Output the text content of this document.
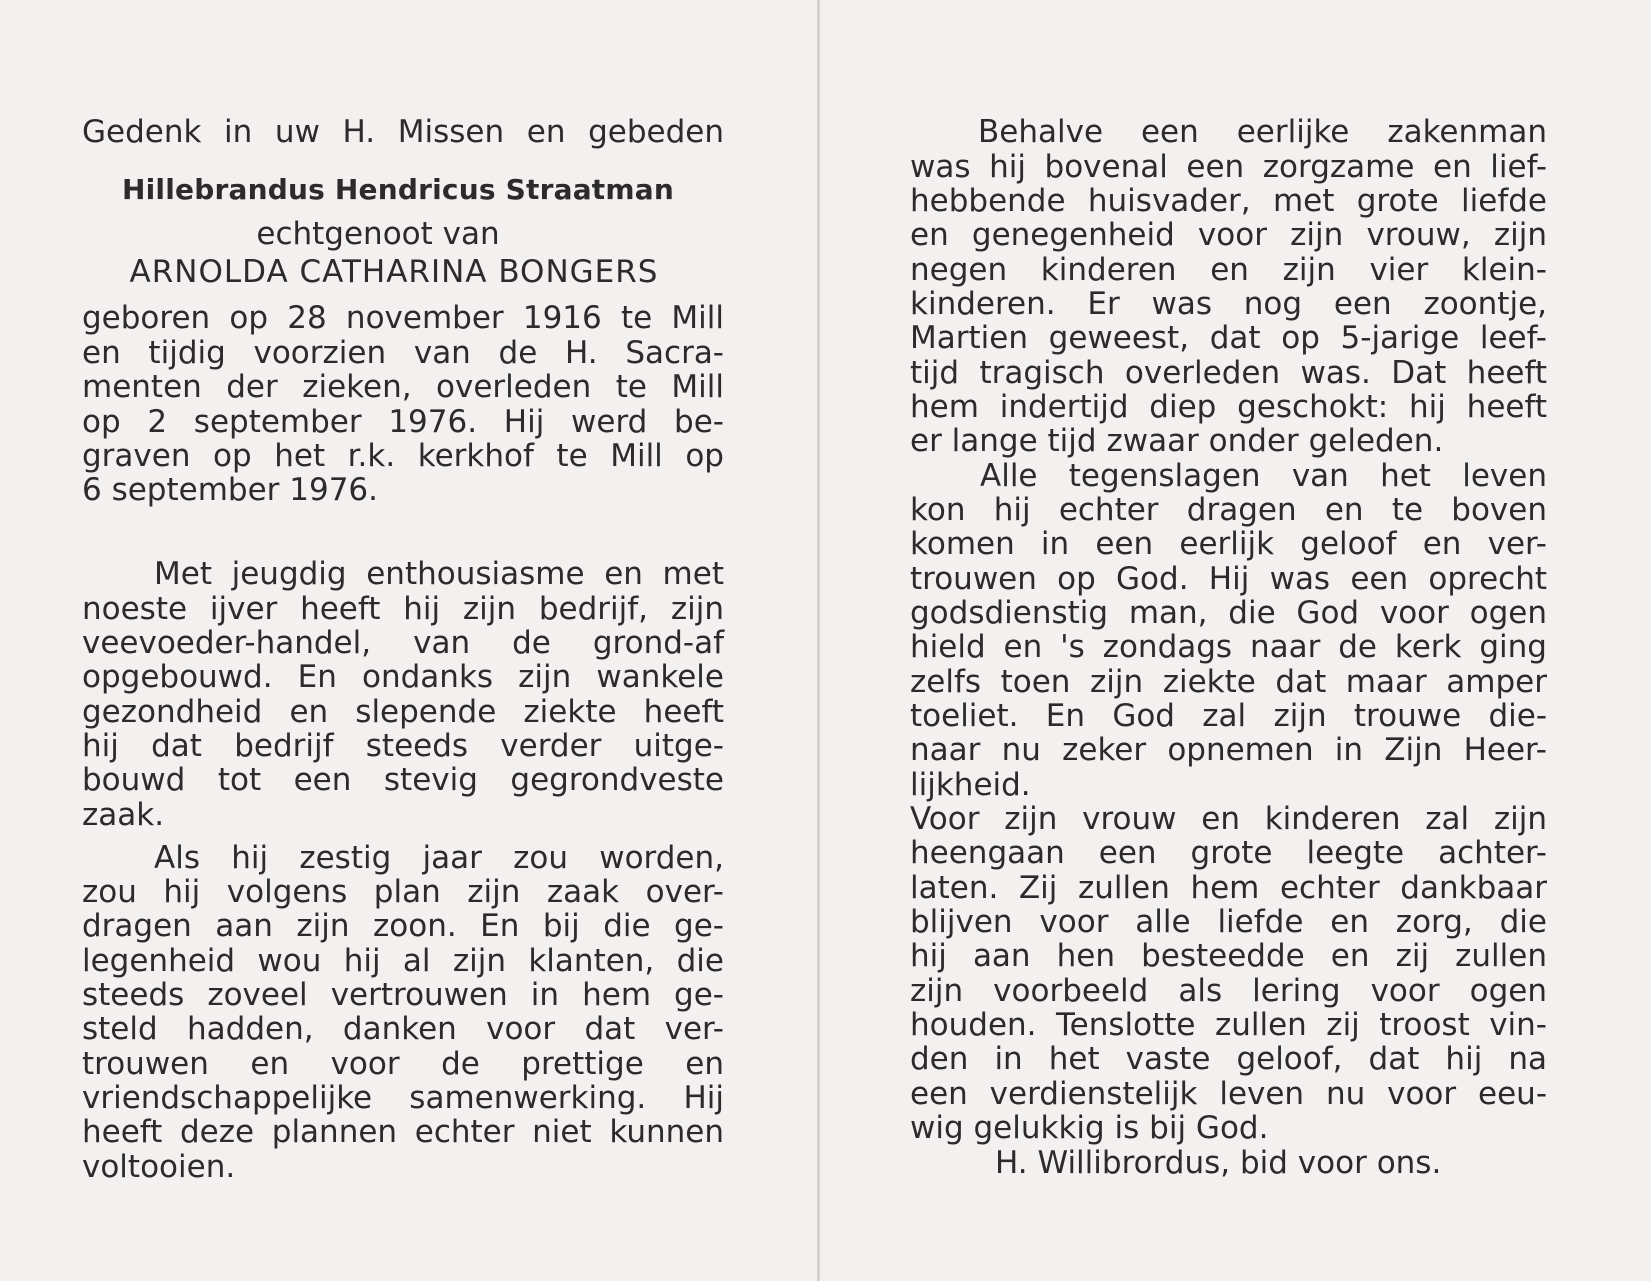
Gedenk in uw H. Missen en gebeden
Hillebrandus Hendricus Straatman
echtgenoot van
ARNOLDA CATHARINA BONGERS
geboren op 28 november 1916 te Mill
en tijdig voorzien van de H. Sacra-
menten der zieken, overleden te Mill
op 2 september 1976. Hij werd be-
graven op het r.k. kerkhof te Mill op
6 september 1976.
Met jeugdig enthousiasme en met
noeste ijver heeft hij zijn bedrijf, zijn
veevoeder-handel, van de grond-af
opgebouwd. En ondanks zijn wankele
gezondheid en slepende ziekte heeft
hij dat bedrijf steeds verder uitge-
bouwd tot een stevig gegrondveste
zaak.
Als hij zestig jaar zou worden,
zou hij volgens plan zijn zaak over-
dragen aan zijn zoon. En bij die ge-
legenheid wou hij al zijn klanten, die
steeds zoveel vertrouwen in hem ge-
steld hadden, danken voor dat ver-
trouwen en voor de prettige en
vriendschappelijke samenwerking. Hij
heeft deze plannen echter niet kunnen
voltooien.
Behalve een eerlijke zakenman
was hij bovenal een zorgzame en lief-
hebbende huisvader, met grote liefde
en genegenheid voor zijn vrouw, zijn
negen kinderen en zijn vier klein-
kinderen. Er was nog een zoontje,
Martien geweest, dat op 5-jarige leef-
tijd tragisch overleden was. Dat heeft
hem indertijd diep geschokt: hij heeft
er lange tijd zwaar onder geleden.
Alle tegenslagen van het leven
kon hij echter dragen en te boven
komen in een eerlijk geloof en ver-
trouwen op God. Hij was een oprecht
godsdienstig man, die God voor ogen
hield en 's zondags naar de kerk ging
zelfs toen zijn ziekte dat maar amper
toeliet. En God zal zijn trouwe die-
naar nu zeker opnemen in Zijn Heer-
lijkheid.
Voor zijn vrouw en kinderen zal zijn
heengaan een grote leegte achter-
laten. Zij zullen hem echter dankbaar
blijven voor alle liefde en zorg, die
hij aan hen besteedde en zij zullen
zijn voorbeeld als lering voor ogen
houden. Tenslotte zullen zij troost vin-
den in het vaste geloof, dat hij na
een verdienstelijk leven nu voor eeu-
wig gelukkig is bij God.
H. Willibrordus, bid voor ons.
